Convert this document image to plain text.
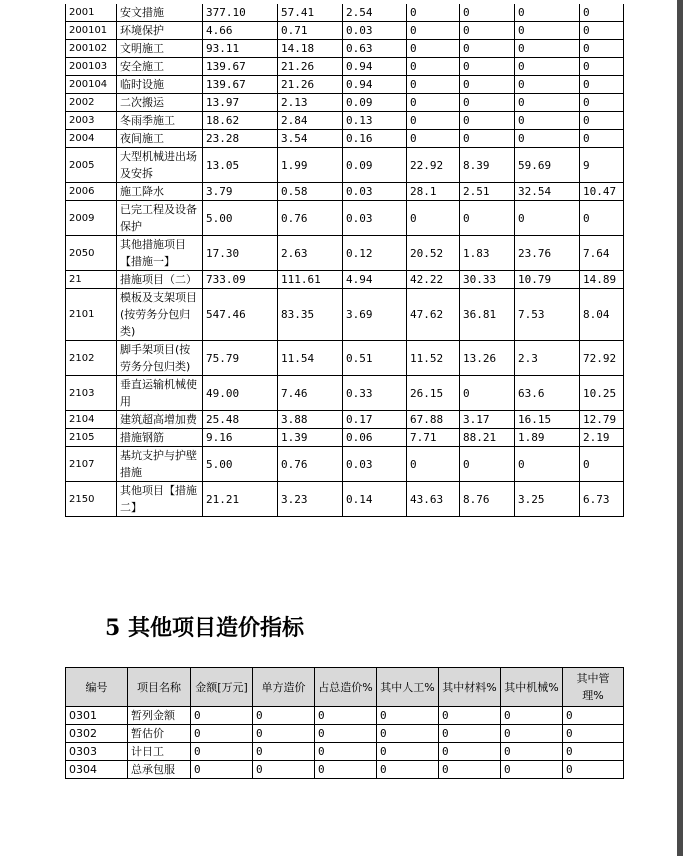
2001	安文措施	377.10	57.41	2.54	0	0	0	0
200101	环境保护	4.66	0.71	0.03	0	0	0	0
200102	文明施工	93.11	14.18	0.63	0	0	0	0
200103	安全施工	139.67	21.26	0.94	0	0	0	0
200104	临时设施	139.67	21.26	0.94	0	0	0	0
2002	二次搬运	13.97	2.13	0.09	0	0	0	0
2003	冬雨季施工	18.62	2.84	0.13	0	0	0	0
2004	夜间施工	23.28	3.54	0.16	0	0	0	0
2005	大型机械进出场及安拆	13.05	1.99	0.09	22.92	8.39	59.69	9
2006	施工降水	3.79	0.58	0.03	28.1	2.51	32.54	10.47
2009	已完工程及设备保护	5.00	0.76	0.03	0	0	0	0
2050	其他措施项目【措施一】	17.30	2.63	0.12	20.52	1.83	23.76	7.64
21	措施项目（二）	733.09	111.61	4.94	42.22	30.33	10.79	14.89
2101	模板及支架项目(按劳务分包归类)	547.46	83.35	3.69	47.62	36.81	7.53	8.04
2102	脚手架项目(按劳务分包归类)	75.79	11.54	0.51	11.52	13.26	2.3	72.92
2103	垂直运输机械使用	49.00	7.46	0.33	26.15	0	63.6	10.25
2104	建筑超高增加费	25.48	3.88	0.17	67.88	3.17	16.15	12.79
2105	措施钢筋	9.16	1.39	0.06	7.71	88.21	1.89	2.19
2107	基坑支护与护壁措施	5.00	0.76	0.03	0	0	0	0
2150	其他项目【措施二】	21.21	3.23	0.14	43.63	8.76	3.25	6.73
5 其他项目造价指标
编号	项目名称	金额[万元]	单方造价	占总造价%	其中人工%	其中材料%	其中机械%	其中管理%
0301	暂列金额	0	0	0	0	0	0	0
0302	暂估价	0	0	0	0	0	0	0
0303	计日工	0	0	0	0	0	0	0
0304	总承包服	0	0	0	0	0	0	0
